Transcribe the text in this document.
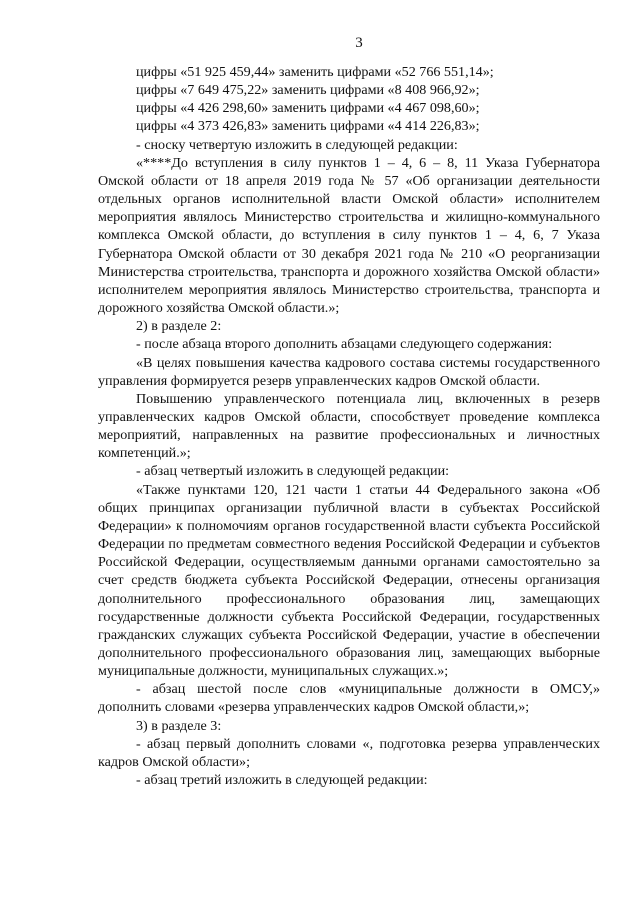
3

цифры «51 925 459,44» заменить цифрами «52 766 551,14»;

цифры «7 649 475,22» заменить цифрами «8 408 966,92»;

цифры «4 426 298,60» заменить цифрами «4 467 098,60»;

цифры «4 373 426,83» заменить цифрами «4 414 226,83»;

- сноску четвертую изложить в следующей редакции:

«****До вступления в силу пунктов 1 – 4, 6 – 8, 11 Указа Губернатора Омской области от 18 апреля 2019 года № 57 «Об организации деятельности отдельных органов исполнительной власти Омской области» исполнителем мероприятия являлось Министерство строительства и жилищно-коммунального комплекса Омской области, до вступления в силу пунктов 1 – 4, 6, 7 Указа Губернатора Омской области от 30 декабря 2021 года № 210 «О реорганизации Министерства строительства, транспорта и дорожного хозяйства Омской области» исполнителем мероприятия являлось Министерство строительства, транспорта и дорожного хозяйства Омской области.»;

2) в разделе 2:

- после абзаца второго дополнить абзацами следующего содержания:

«В целях повышения качества кадрового состава системы государственного управления формируется резерв управленческих кадров Омской области.

Повышению управленческого потенциала лиц, включенных в резерв управленческих кадров Омской области, способствует проведение комплекса мероприятий, направленных на развитие профессиональных и личностных компетенций.»;

- абзац четвертый изложить в следующей редакции:

«Также пунктами 120, 121 части 1 статьи 44 Федерального закона «Об общих принципах организации публичной власти в субъектах Российской Федерации» к полномочиям органов государственной власти субъекта Российской Федерации по предметам совместного ведения Российской Федерации и субъектов Российской Федерации, осуществляемым данными органами самостоятельно за счет средств бюджета субъекта Российской Федерации, отнесены организация дополнительного профессионального образования лиц, замещающих государственные должности субъекта Российской Федерации, государственных гражданских служащих субъекта Российской Федерации, участие в обеспечении дополнительного профессионального образования лиц, замещающих выборные муниципальные должности, муниципальных служащих.»;

- абзац шестой после слов «муниципальные должности в ОМСУ,» дополнить словами «резерва управленческих кадров Омской области,»;

3) в разделе 3:

- абзац первый дополнить словами «, подготовка резерва управленческих кадров Омской области»;

- абзац третий изложить в следующей редакции:
